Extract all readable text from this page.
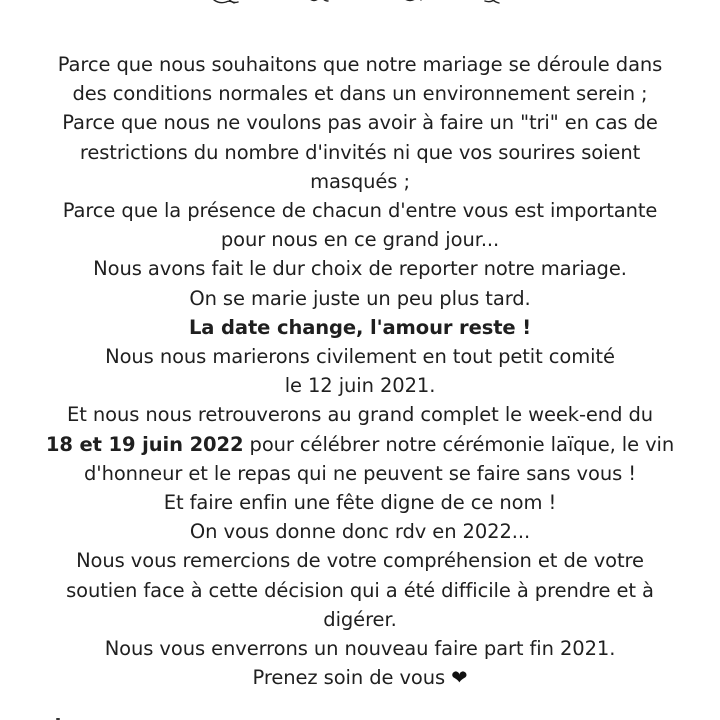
Parce que nous souhaitons que notre mariage se déroule dans
des conditions normales et dans un environnement serein ;
Parce que nous ne voulons pas avoir à faire un "tri" en cas de
restrictions du nombre d'invités ni que vos sourires soient
masqués ;
Parce que la présence de chacun d'entre vous est importante
pour nous en ce grand jour...
Nous avons fait le dur choix de reporter notre mariage.
On se marie juste un peu plus tard.
La date change, l'amour reste !
Nous nous marierons civilement en tout petit comité
le 12 juin 2021.
Et nous nous retrouverons au grand complet le week-end du
18 et 19 juin 2022 pour célébrer notre cérémonie laïque, le vin
d'honneur et le repas qui ne peuvent se faire sans vous !
Et faire enfin une fête digne de ce nom !
On vous donne donc rdv en 2022...
Nous vous remercions de votre compréhension et de votre
soutien face à cette décision qui a été difficile à prendre et à
digérer.
Nous vous enverrons un nouveau faire part fin 2021.
Prenez soin de vous ❤
